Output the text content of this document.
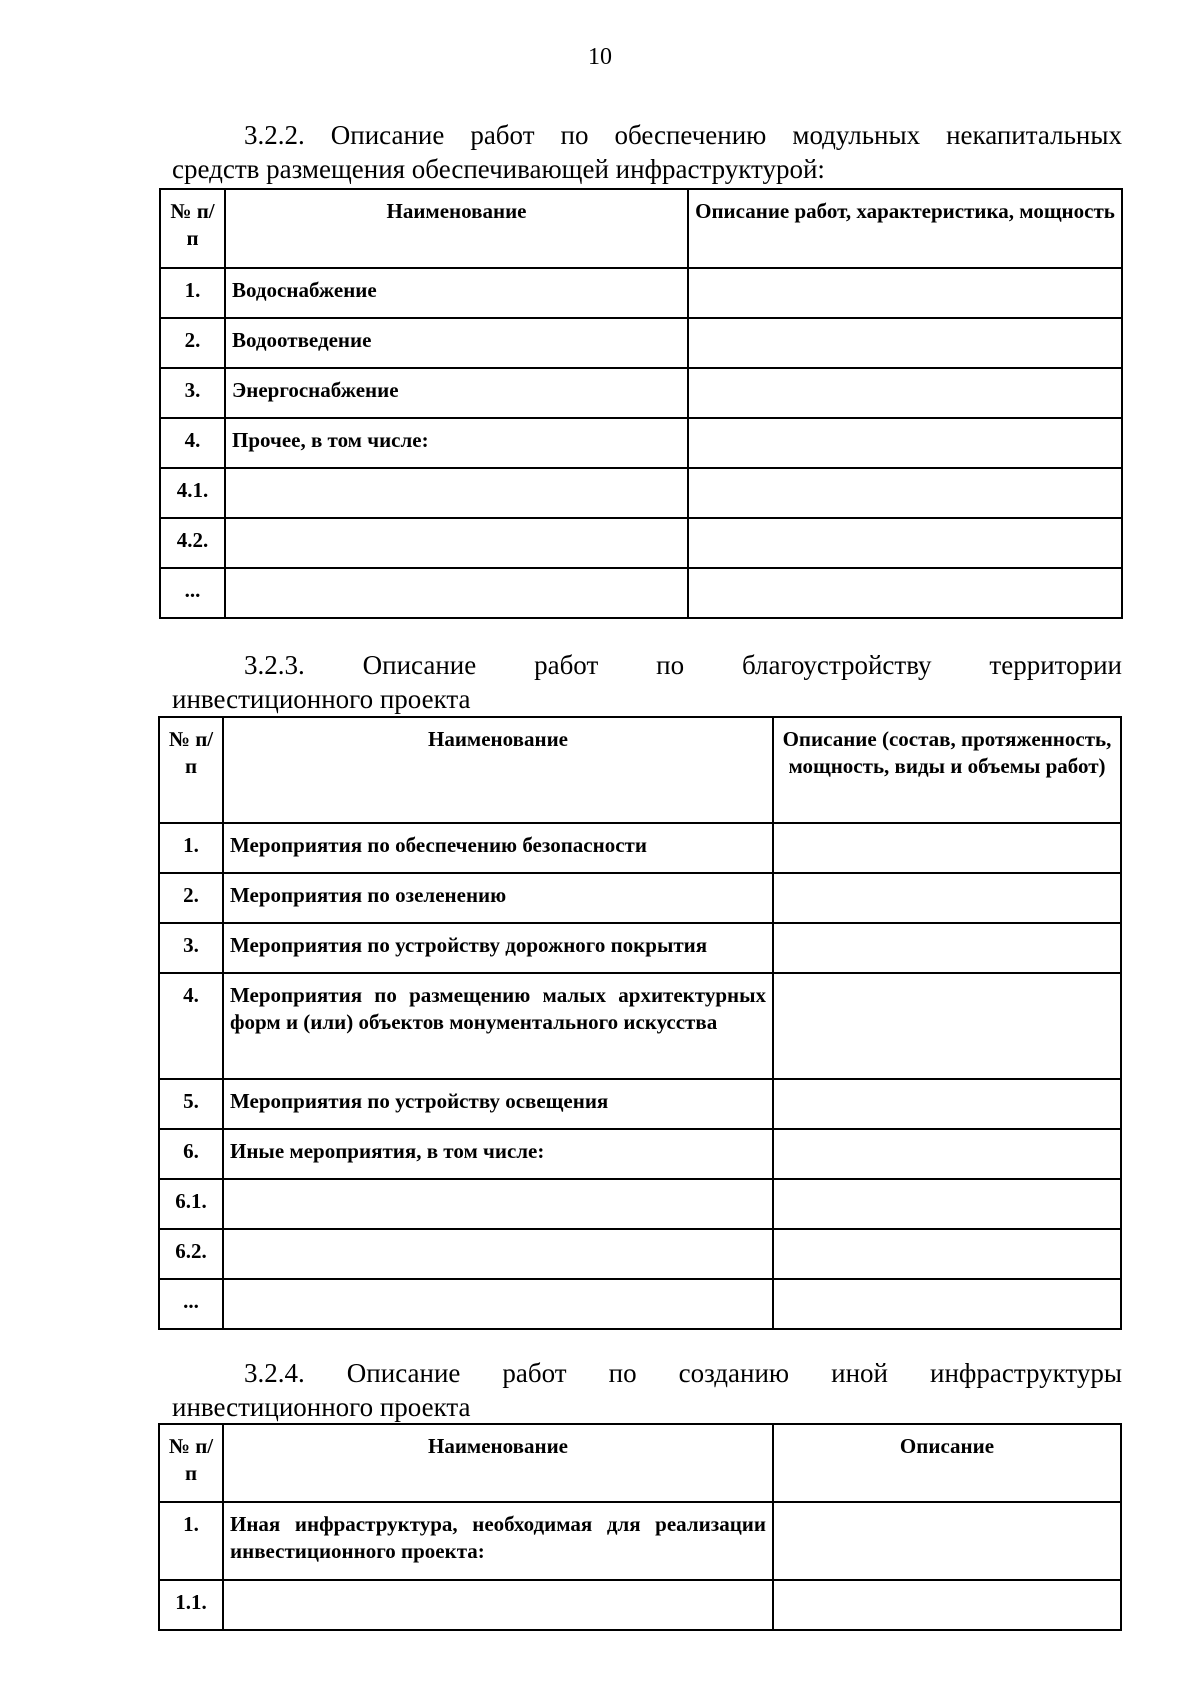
10
3.2.2. Описание работ по обеспечению модульных некапитальных
средств размещения обеспечивающей инфраструктурой:
№ п/п	Наименование	Описание работ, характеристика, мощность
1.	Водоснабжение	
2.	Водоотведение	
3.	Энергоснабжение	
4.	Прочее, в том числе:	
4.1.		
4.2.		
...		
3.2.3. Описание работ по благоустройству территории
инвестиционного проекта
№ п/п	Наименование	Описание (состав, протяженность, мощность, виды и объемы работ)
1.	Мероприятия по обеспечению безопасности	
2.	Мероприятия по озеленению	
3.	Мероприятия по устройству дорожного покрытия	
4.	Мероприятия по размещению малых архитектурных форм и (или) объектов монументального искусства	
5.	Мероприятия по устройству освещения	
6.	Иные мероприятия, в том числе:	
6.1.		
6.2.		
...		
3.2.4. Описание работ по созданию иной инфраструктуры
инвестиционного проекта
№ п/п	Наименование	Описание
1.	Иная инфраструктура, необходимая для реализации инвестиционного проекта:	
1.1.		
